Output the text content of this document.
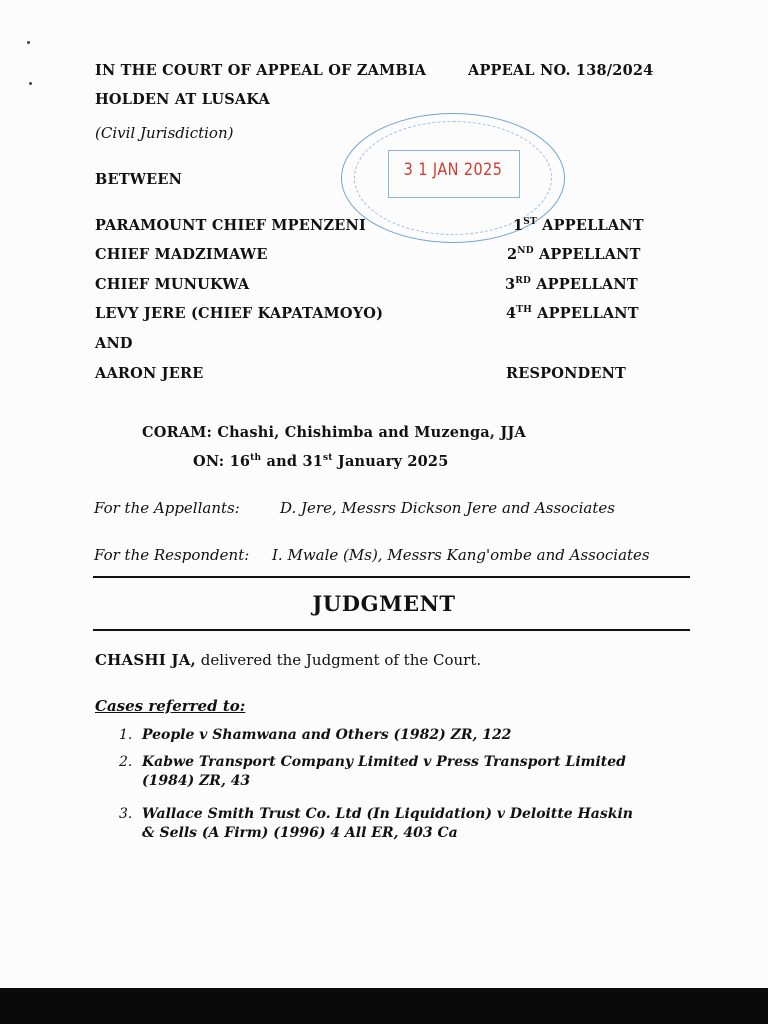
IN THE COURT OF APPEAL OF ZAMBIA	APPEAL NO. 138/2024
HOLDEN AT LUSAKA
(Civil Jurisdiction)
BETWEEN	3 1 JAN 2025
PARAMOUNT CHIEF MPENZENI	1ST APPELLANT
CHIEF MADZIMAWE	2ND APPELLANT
CHIEF MUNUKWA	3RD APPELLANT
LEVY JERE (CHIEF KAPATAMOYO)	4TH APPELLANT
AND
AARON JERE	RESPONDENT
CORAM: Chashi, Chishimba and Muzenga, JJA
ON: 16th and 31st January 2025
For the Appellants:	D. Jere, Messrs Dickson Jere and Associates
For the Respondent: I. Mwale (Ms), Messrs Kang'ombe and Associates
JUDGMENT
CHASHI JA, delivered the Judgment of the Court.
Cases referred to:
1. People v Shamwana and Others (1982) ZR, 122
2. Kabwe Transport Company Limited v Press Transport Limited
(1984) ZR, 43
3. Wallace Smith Trust Co. Ltd (In Liquidation) v Deloitte Haskin
& Sells (A Firm) (1996) 4 All ER, 403 Ca
